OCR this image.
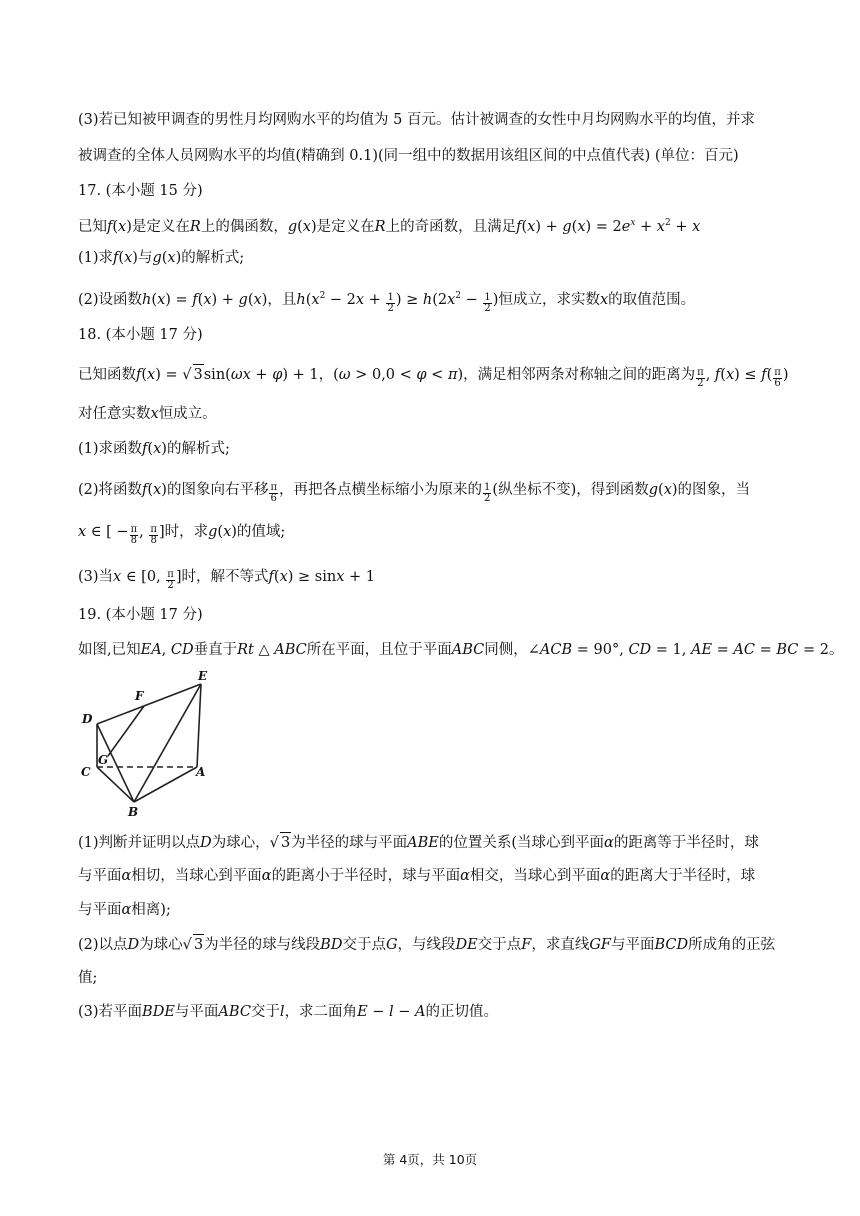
(3)若已知被甲调查的男性月均网购水平的均值为 5 百元。估计被调查的女性中月均网购水平的均值，并求
被调查的全体人员网购水平的均值(精确到 0.1)(同一组中的数据用该组区间的中点值代表) (单位：百元)
17. (本小题 15 分)
已知f(x)是定义在R上的偶函数，g(x)是定义在R上的奇函数，且满足$f(x) + g(x) = 2e^x + x^2 + x$
(1)求f(x)与g(x)的解析式;
(2)设函数h(x) = f(x) + g(x)，且$h(x^2 - 2x + \frac{1}{2}$ ) ≥ $h(2x^2 - \frac{1}{2}$ )恒成立，求实数x的取值范围。
18. (本小题 17 分)
已知函数f(x) = √ 3sin(ωx + φ) + 1，(ω > 0,0 < φ < π)，满足相邻两条对称轴之间的距离为 $\frac{\pi}{2}$ , $f(x) \le f( \frac{\pi}{6}$ )
对任意实数x恒成立。
(1)求函数f(x)的解析式;
(2)将函数f(x)的图象向右平移 $\frac{\pi}{6}$ ，再把各点横坐标缩小为原来的 $\frac{1}{2}$ (纵坐标不变)，得到函数g(x)的图象，当
x ∈ [ − $\frac{\pi}{8}$ , $\frac{\pi}{8}$ ]时，求g(x)的值域;
(3)当x ∈ [0, $\frac{\pi}{2}$ ]时，解不等式f(x) ≥ sinx + 1
19. (本小题 17 分)
如图,已知EA, CD垂直于Rt △ ABC所在平面，且位于平面ABC同侧，∠ACB = 90°, CD = 1, AE = AC = BC = 2。
D
F
E
G
C	A
B
(1)判断并证明以点D为球心，√ 3为半径的球与平面ABE的位置关系(当球心到平面α的距离等于半径时，球
与平面α相切，当球心到平面α的距离小于半径时，球与平面α相交，当球心到平面α的距离大于半径时，球
与平面α相离);
(2)以点D为球心√ 3为半径的球与线段BD交于点G，与线段DE交于点F，求直线GF与平面BCD所成角的正弦
值;
(3)若平面BDE与平面ABC交于l，求二面角E − l − A的正切值。
第 4页，共 10页
